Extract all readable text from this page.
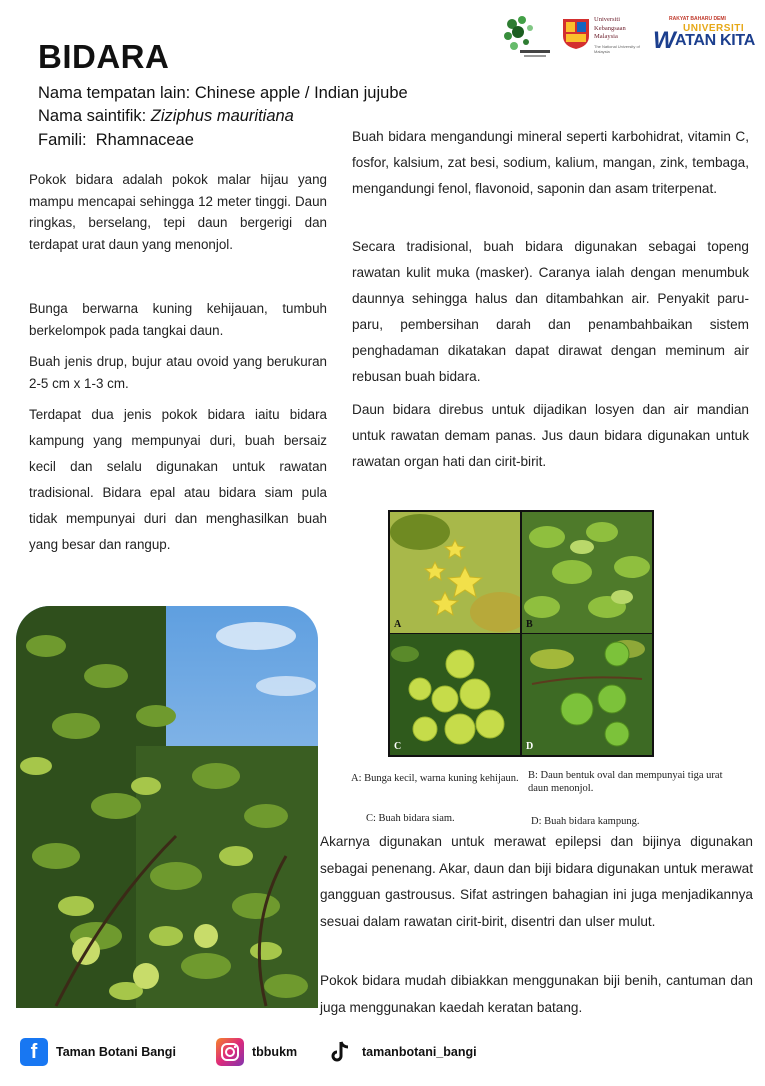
BIDARA
Nama tempatan lain: Chinese apple / Indian jujube
Nama saintifik: Ziziphus mauritiana
Famili: Rhamnaceae
Universiti
Kebangsaan
Malaysia
The National University of Malaysia
RAKYAT BAHARU DEMI
UNIVERSITI
W ATAN KITA

Pokok bidara adalah pokok malar hijau yang mampu mencapai sehingga 12 meter tinggi. Daun ringkas, berselang, tepi daun bergerigi dan terdapat urat daun yang menonjol.

Bunga berwarna kuning kehijauan, tumbuh berkelompok pada tangkai daun.

Buah jenis drup, bujur atau ovoid yang berukuran 2-5 cm x 1-3 cm.

Terdapat dua jenis pokok bidara iaitu bidara kampung yang mempunyai duri, buah bersaiz kecil dan selalu digunakan untuk rawatan tradisional. Bidara epal atau bidara siam pula tidak mempunyai duri dan menghasilkan buah yang besar dan rangup.

Buah bidara mengandungi mineral seperti karbohidrat, vitamin C, fosfor, kalsium, zat besi, sodium, kalium, mangan, zink, tembaga, mengandungi fenol, flavonoid, saponin dan asam triterpenat.

Secara tradisional, buah bidara digunakan sebagai topeng rawatan kulit muka (masker). Caranya ialah dengan menumbuk daunnya sehingga halus dan ditambahkan air. Penyakit paru-paru, pembersihan darah dan penambahbaikan sistem penghadaman dikatakan dapat dirawat dengan meminum air rebusan buah bidara.

Daun bidara direbus untuk dijadikan losyen dan air mandian untuk rawatan demam panas. Jus daun bidara digunakan untuk rawatan organ hati dan cirit-birit.

A	B
C	D
A: Bunga kecil, warna kuning kehijaun. B: Daun bentuk oval dan mempunyai tiga urat daun menonjol.
C: Buah bidara siam.	D: Buah bidara kampung.

Akarnya digunakan untuk merawat epilepsi dan bijinya digunakan sebagai penenang. Akar, daun dan biji bidara digunakan untuk merawat gangguan gastrousus. Sifat astringen bahagian ini juga menjadikannya sesuai dalam rawatan cirit-birit, disentri dan ulser mulut.

Pokok bidara mudah dibiakkan menggunakan biji benih, cantuman dan juga menggunakan kaedah keratan batang.

f	Taman Botani Bangi	tbbukm	tamanbotani_bangi
